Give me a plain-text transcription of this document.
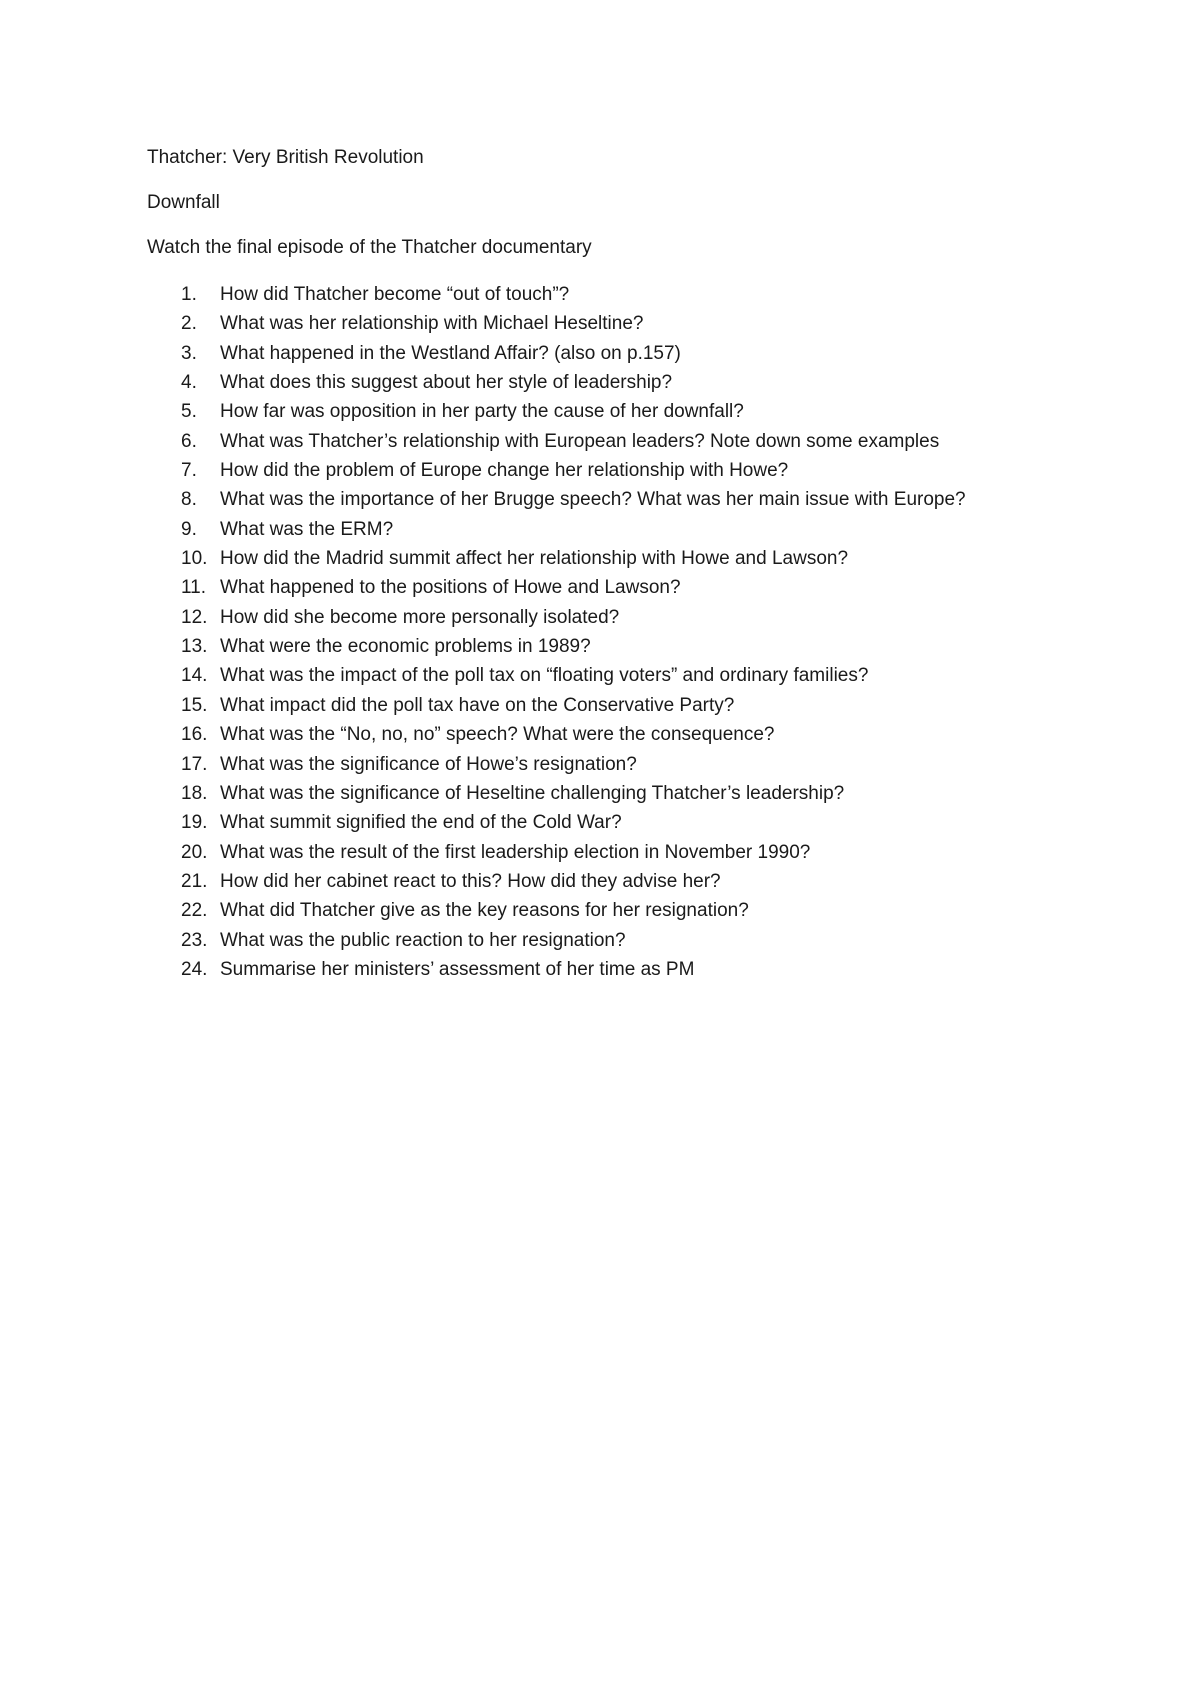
Thatcher: Very British Revolution

Downfall

Watch the final episode of the Thatcher documentary

1.	How did Thatcher become “out of touch”?
2.	What was her relationship with Michael Heseltine?
3.	What happened in the Westland Affair? (also on p.157)
4.	What does this suggest about her style of leadership?
5.	How far was opposition in her party the cause of her downfall?
6.	What was Thatcher’s relationship with European leaders? Note down some examples
7.	How did the problem of Europe change her relationship with Howe?
8.	What was the importance of her Brugge speech? What was her main issue with Europe?
9.	What was the ERM?
10. How did the Madrid summit affect her relationship with Howe and Lawson?
11. What happened to the positions of Howe and Lawson?
12. How did she become more personally isolated?
13. What were the economic problems in 1989?
14. What was the impact of the poll tax on “floating voters” and ordinary families?
15. What impact did the poll tax have on the Conservative Party?
16. What was the “No, no, no” speech? What were the consequence?
17. What was the significance of Howe’s resignation?
18. What was the significance of Heseltine challenging Thatcher’s leadership?
19. What summit signified the end of the Cold War?
20. What was the result of the first leadership election in November 1990?
21. How did her cabinet react to this? How did they advise her?
22. What did Thatcher give as the key reasons for her resignation?
23. What was the public reaction to her resignation?
24. Summarise her ministers’ assessment of her time as PM
